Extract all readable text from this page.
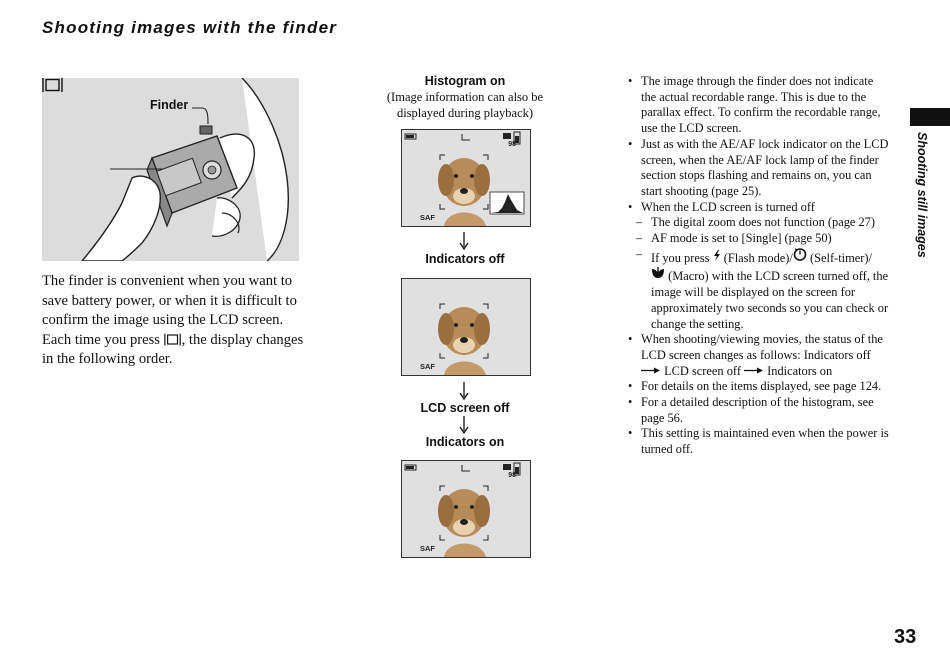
Shooting images with the finder
Finder
The finder is convenient when you want to save battery power, or when it is difficult to confirm the image using the LCD screen. Each time you press , the display changes in the following order.
Histogram on
(Image information can also be displayed during playback)
98
SAF
Indicators off
SAF
LCD screen off
Indicators on
98
SAF
• The image through the finder does not indicate the actual recordable range. This is due to the parallax effect. To confirm the recordable range, use the LCD screen.
• Just as with the AE/AF lock indicator on the LCD screen, when the AE/AF lock lamp of the finder section stops flashing and remains on, you can start shooting (page 25).
• When the LCD screen is turned off
– The digital zoom does not function (page 27)
– AF mode is set to [Single] (page 50)
– If you press  (Flash mode)/ (Self-timer)/
(Macro) with the LCD screen turned off, the image will be displayed on the screen for approximately two seconds so you can check or change the setting.
• When shooting/viewing movies, the status of the LCD screen changes as follows: Indicators off  LCD screen off  Indicators on
• For details on the items displayed, see page 124.
• For a detailed description of the histogram, see page 56.
• This setting is maintained even when the power is turned off.
Shooting still images
33
